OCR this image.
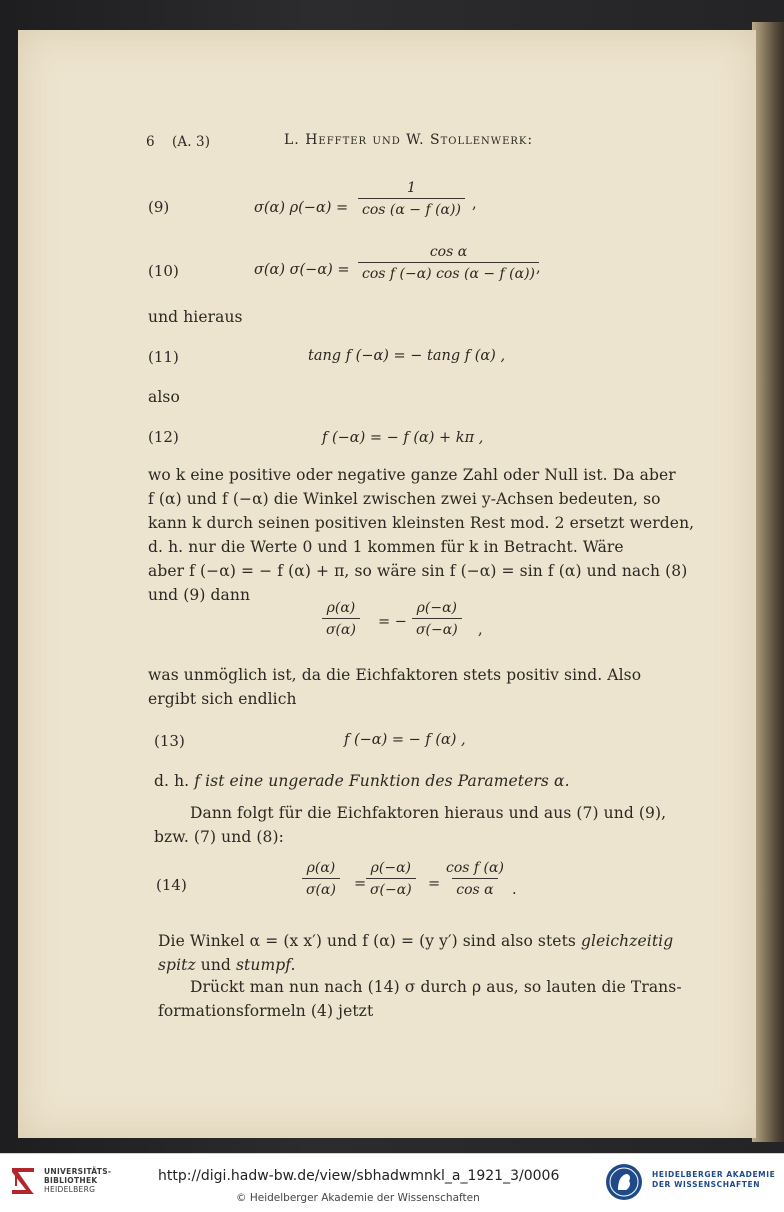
6 (A. 3)	L. Heffter und W. Stollenwerk:
(9)	σ(α) $\rho(-\alpha) = \frac{1}{\cos (\alpha - f (\alpha))}$ ,
(10)	σ(α) $\sigma(-\alpha) = \frac{\text{cos α}}{\text{cos f (−α) cos (α − f (α))}}$
,
und hieraus
(11)	tang f (−α) = − tang f (α) ,
also
(12)	f (−α) = − f (α) + kπ ,
wo k eine positive oder negative ganze Zahl oder Null ist. Da aber
f (α) und f (−α) die Winkel zwischen zwei y-Achsen bedeuten, so
kann k durch seinen positiven kleinsten Rest mod. 2 ersetzt werden,
d. h. nur die Werte 0 und 1 kommen für k in Betracht. Wäre
aber f (−α) = − f (α) + π, so wäre sin f (−α) = sin f (α) und nach (8)
und (9) dann
$\frac{\rho(\alpha)}{\sigma(\alpha)}$ = − $\frac{\rho(-\alpha)}{\sigma(-\alpha)}$ ,
was unmöglich ist, da die Eichfaktoren stets positiv sind. Also
ergibt sich endlich
(13)	f (−α) = − f (α) ,
d. h. f ist eine ungerade Funktion des Parameters α.
Dann folgt für die Eichfaktoren hieraus und aus (7) und (9),
bzw. (7) und (8):
(14)	$\frac{\rho(\alpha)}{\sigma(\alpha)} = \frac{\rho(-\alpha)}{\sigma(-\alpha)} = \frac{\text{cos f (α)}}{\text{cos α}}$ .
Die Winkel α = (x x′) und f (α) = (y y′) sind also stets gleichzeitig
spitz und stumpf.
Drückt man nun nach (14) σ durch ρ aus, so lauten die Trans-
formationsformeln (4) jetzt
UNIVERSITÄTS-
BIBLIOTHEK
HEIDELBERG
http://digi.hadw-bw.de/view/sbhadwmnkl_a_1921_3/0006
© Heidelberger Akademie der Wissenschaften
HEIDELBERGER AKADEMIE
DER WISSENSCHAFTEN
